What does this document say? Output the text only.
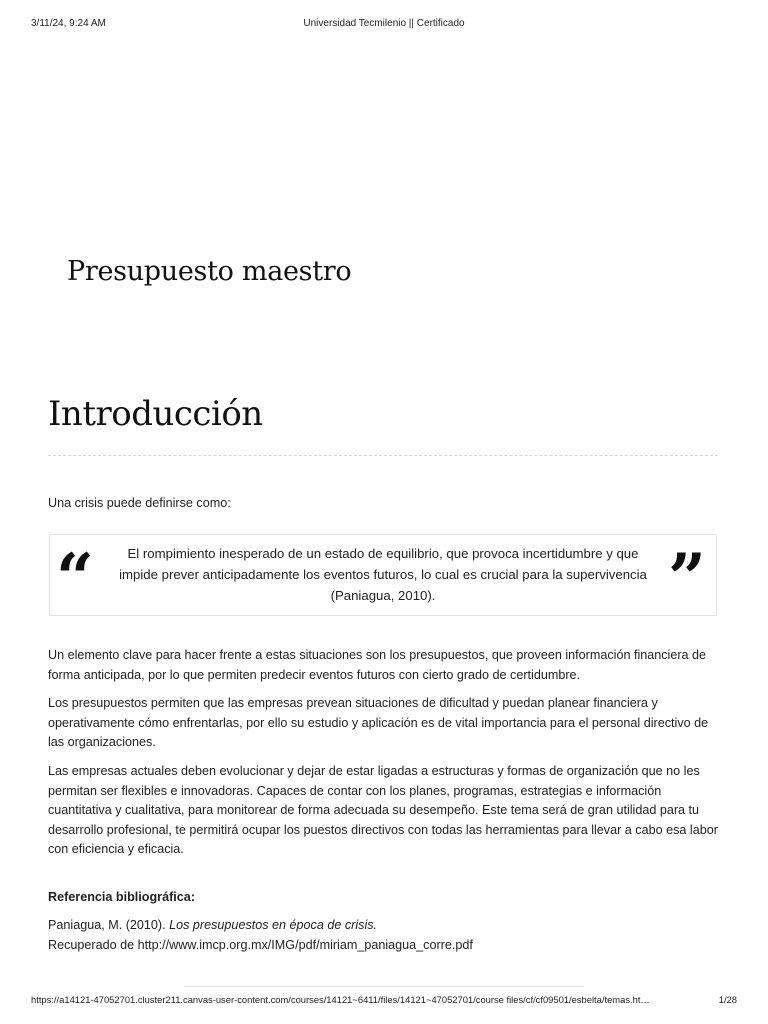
3/11/24, 9:24 AM	Universidad Tecmilenio || Certificado
Presupuesto maestro
Introducción

Una crisis puede definirse como:

“	El rompimiento inesperado de un estado de equilibrio, que provoca incertidumbre y que impide prever anticipadamente los eventos futuros, lo cual es crucial para la supervivencia (Paniagua, 2010).	”

Un elemento clave para hacer frente a estas situaciones son los presupuestos, que proveen información financiera de forma anticipada, por lo que permiten predecir eventos futuros con cierto grado de certidumbre.

Los presupuestos permiten que las empresas prevean situaciones de dificultad y puedan planear financiera y operativamente cómo enfrentarlas, por ello su estudio y aplicación es de vital importancia para el personal directivo de las organizaciones.

Las empresas actuales deben evolucionar y dejar de estar ligadas a estructuras y formas de organización que no les permitan ser flexibles e innovadoras. Capaces de contar con los planes, programas, estrategias e información cuantitativa y cualitativa, para monitorear de forma adecuada su desempeño. Este tema será de gran utilidad para tu desarrollo profesional, te permitirá ocupar los puestos directivos con todas las herramientas para llevar a cabo esa labor con eficiencia y eficacia.

Referencia bibliográfica:

Paniagua, M. (2010). Los presupuestos en época de crisis.
Recuperado de http://www.imcp.org.mx/IMG/pdf/miriam_paniagua_corre.pdf

https://a14121-47052701.cluster211.canvas-user-content.com/courses/14121~6411/files/14121~47052701/course files/cf/cf09501/esbelta/temas.ht…	1/28
